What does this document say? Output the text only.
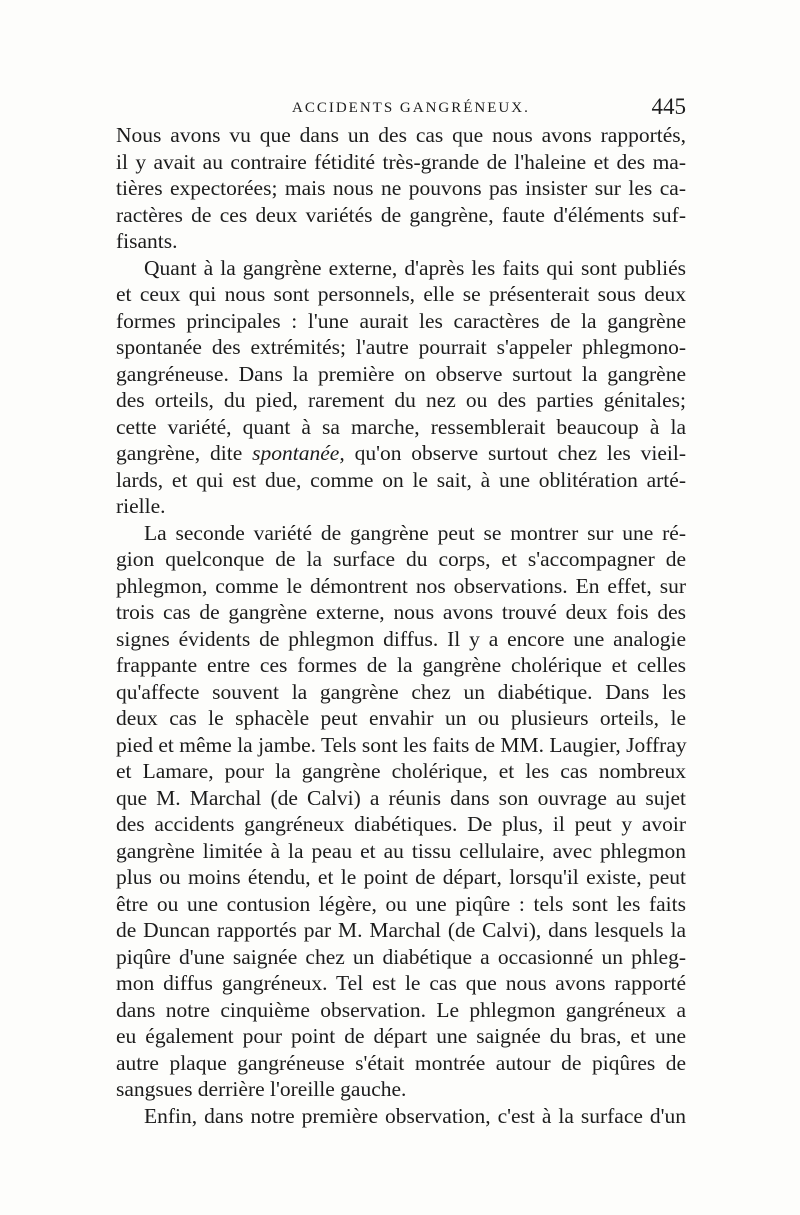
ACCIDENTS GANGRÉNEUX.	445
Nous avons vu que dans un des cas que nous avons rapportés,
il y avait au contraire fétidité très-grande de l'haleine et des ma-
tières expectorées; mais nous ne pouvons pas insister sur les ca-
ractères de ces deux variétés de gangrène, faute d'éléments suf-
fisants.
Quant à la gangrène externe, d'après les faits qui sont publiés
et ceux qui nous sont personnels, elle se présenterait sous deux
formes principales : l'une aurait les caractères de la gangrène
spontanée des extrémités; l'autre pourrait s'appeler phlegmono-
gangréneuse. Dans la première on observe surtout la gangrène
des orteils, du pied, rarement du nez ou des parties génitales;
cette variété, quant à sa marche, ressemblerait beaucoup à la
gangrène, dite spontanée, qu'on observe surtout chez les vieil-
lards, et qui est due, comme on le sait, à une oblitération arté-
rielle.
La seconde variété de gangrène peut se montrer sur une ré-
gion quelconque de la surface du corps, et s'accompagner de
phlegmon, comme le démontrent nos observations. En effet, sur
trois cas de gangrène externe, nous avons trouvé deux fois des
signes évidents de phlegmon diffus. Il y a encore une analogie
frappante entre ces formes de la gangrène cholérique et celles
qu'affecte souvent la gangrène chez un diabétique. Dans les
deux cas le sphacèle peut envahir un ou plusieurs orteils, le
pied et même la jambe. Tels sont les faits de MM. Laugier, Joffray
et Lamare, pour la gangrène cholérique, et les cas nombreux
que M. Marchal (de Calvi) a réunis dans son ouvrage au sujet
des accidents gangréneux diabétiques. De plus, il peut y avoir
gangrène limitée à la peau et au tissu cellulaire, avec phlegmon
plus ou moins étendu, et le point de départ, lorsqu'il existe, peut
être ou une contusion légère, ou une piqûre : tels sont les faits
de Duncan rapportés par M. Marchal (de Calvi), dans lesquels la
piqûre d'une saignée chez un diabétique a occasionné un phleg-
mon diffus gangréneux. Tel est le cas que nous avons rapporté
dans notre cinquième observation. Le phlegmon gangréneux a
eu également pour point de départ une saignée du bras, et une
autre plaque gangréneuse s'était montrée autour de piqûres de
sangsues derrière l'oreille gauche.
Enfin, dans notre première observation, c'est à la surface d'un
